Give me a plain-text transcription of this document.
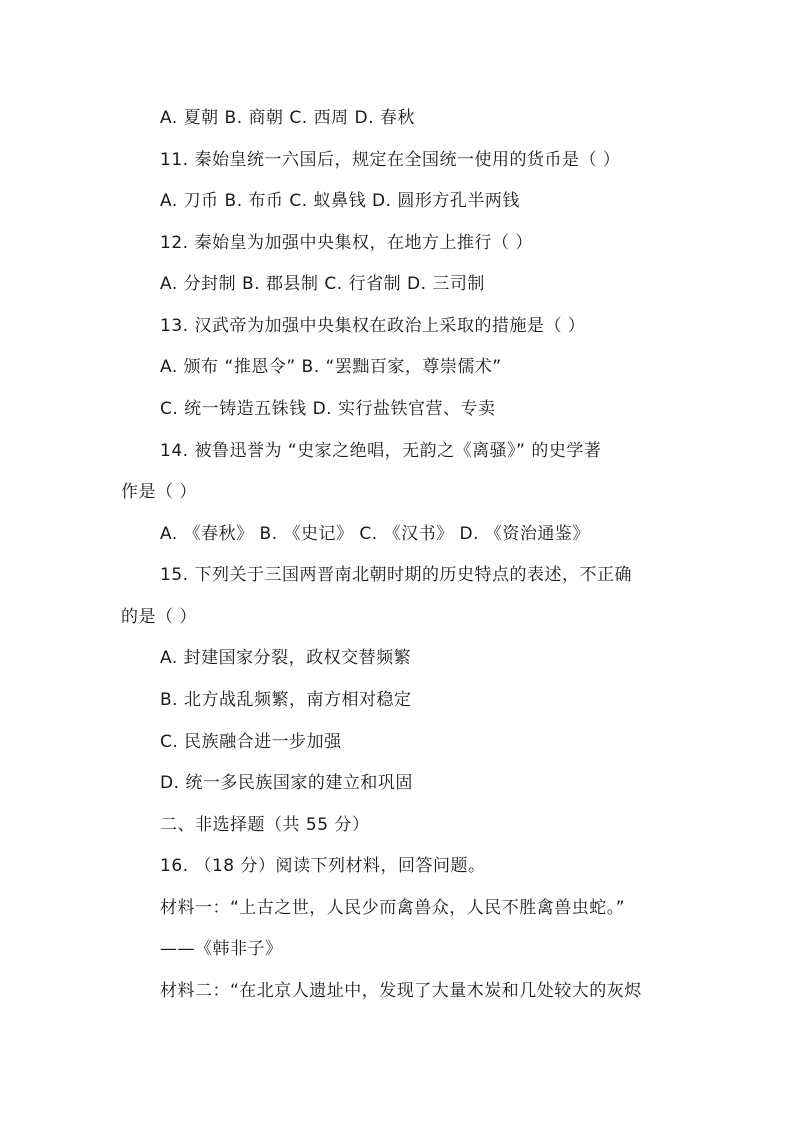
A. 夏朝 B. 商朝 C. 西周 D. 春秋
11. 秦始皇统一六国后，规定在全国统一使用的货币是（ ）
A. 刀币 B. 布币 C. 蚁鼻钱 D. 圆形方孔半两钱
12. 秦始皇为加强中央集权，在地方上推行（ ）
A. 分封制 B. 郡县制 C. 行省制 D. 三司制
13. 汉武帝为加强中央集权在政治上采取的措施是（ ）
A. 颁布 “推恩令” B. “罢黜百家，尊崇儒术”
C. 统一铸造五铢钱 D. 实行盐铁官营、专卖
14. 被鲁迅誉为 “史家之绝唱，无韵之《离骚》” 的史学著
作是（ ）
A. 《春秋》 B. 《史记》 C. 《汉书》 D. 《资治通鉴》
15. 下列关于三国两晋南北朝时期的历史特点的表述，不正确
的是（ ）
A. 封建国家分裂，政权交替频繁
B. 北方战乱频繁，南方相对稳定
C. 民族融合进一步加强
D. 统一多民族国家的建立和巩固
二、非选择题（共 55 分）
16. （18 分）阅读下列材料，回答问题。
材料一：“上古之世，人民少而禽兽众，人民不胜禽兽虫蛇。”
——《韩非子》
材料二：“在北京人遗址中，发现了大量木炭和几处较大的灰烬
